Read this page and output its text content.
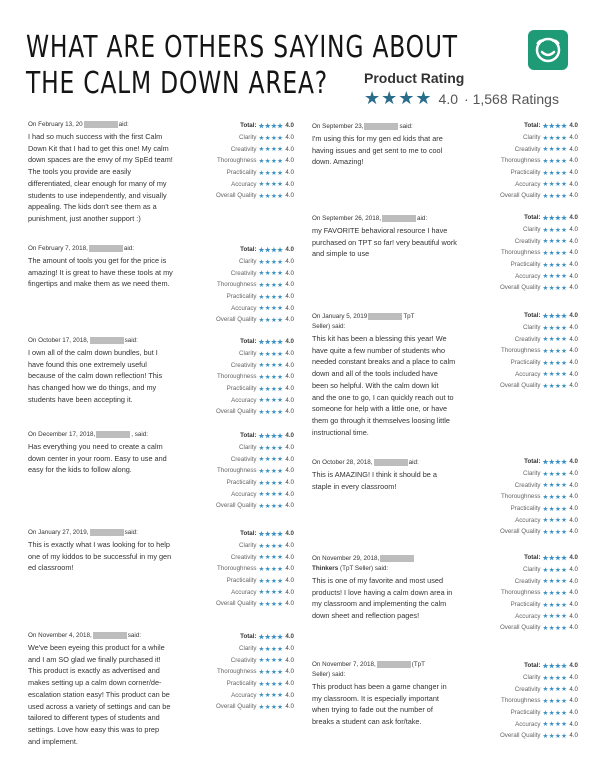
WHAT ARE OTHERS SAYING ABOUT
THE CALM DOWN AREA?	Product Rating
★★★★ 4.0 · 1,568 Ratings
On February 13, 20	aid:
I had so much success with the first Calm
Down Kit that I had to get this one! My calm
down spaces are the envy of my SpEd team!
The tools you provide are easily
differentiated, clear enough for many of my
students to use independently, and visually
appealing. The kids don't see them as a
punishment, just another support :)
Total: ★★★★ 4.0
Clarity ★★★★ 4.0
Creativity ★★★★ 4.0
Thoroughness ★★★★ 4.0
Practicality ★★★★ 4.0
Accuracy ★★★★ 4.0
Overall Quality ★★★★ 4.0
On February 7, 2018,	aid:
The amount of tools you get for the price is
amazing! It is great to have these tools at my
fingertips and make them as we need them.
Total: ★★★★ 4.0
Clarity ★★★★ 4.0
Creativity ★★★★ 4.0
Thoroughness ★★★★ 4.0
Practicality ★★★★ 4.0
Accuracy ★★★★ 4.0
Overall Quality ★★★★ 4.0
On October 17, 2018,	said:
I own all of the calm down bundles, but I
have found this one extremely useful
because of the calm down reflection! This
has changed how we do things, and my
students have been accepting it.
Total: ★★★★ 4.0
Clarity ★★★★ 4.0
Creativity ★★★★ 4.0
Thoroughness ★★★★ 4.0
Practicality ★★★★ 4.0
Accuracy ★★★★ 4.0
Overall Quality ★★★★ 4.0
On December 17, 2018,	, said:
Has everything you need to create a calm
down center in your room. Easy to use and
easy for the kids to follow along.
Total: ★★★★ 4.0
Clarity ★★★★ 4.0
Creativity ★★★★ 4.0
Thoroughness ★★★★ 4.0
Practicality ★★★★ 4.0
Accuracy ★★★★ 4.0
Overall Quality ★★★★ 4.0
On January 27, 2019,	said:
This is exactly what I was looking for to help
one of my kiddos to be successful in my gen
ed classroom!
Total: ★★★★ 4.0
Clarity ★★★★ 4.0
Creativity ★★★★ 4.0
Thoroughness ★★★★ 4.0
Practicality ★★★★ 4.0
Accuracy ★★★★ 4.0
Overall Quality ★★★★ 4.0
On November 4, 2018,	said:
We've been eyeing this product for a while
and I am SO glad we finally purchased it!
This product is exactly as advertised and
makes setting up a calm down corner/de-
escalation station easy! This product can be
used across a variety of settings and can be
tailored to different types of students and
settings. Love how easy this was to prep
and implement.
Total: ★★★★ 4.0
Clarity ★★★★ 4.0
Creativity ★★★★ 4.0
Thoroughness ★★★★ 4.0
Practicality ★★★★ 4.0
Accuracy ★★★★ 4.0
Overall Quality ★★★★ 4.0
On September 23,	said:
I'm using this for my gen ed kids that are
having issues and get sent to me to cool
down. Amazing!
Total: ★★★★ 4.0
Clarity ★★★★ 4.0
Creativity ★★★★ 4.0
Thoroughness ★★★★ 4.0
Practicality ★★★★ 4.0
Accuracy ★★★★ 4.0
Overall Quality ★★★★ 4.0
On September 26, 2018,	aid:
my FAVORITE behavioral resource I have
purchased on TPT so far! very beautiful work
and simple to use
Total: ★★★★ 4.0
Clarity ★★★★ 4.0
Creativity ★★★★ 4.0
Thoroughness ★★★★ 4.0
Practicality ★★★★ 4.0
Accuracy ★★★★ 4.0
Overall Quality ★★★★ 4.0
On January 5, 2019	TpT
Seller) said:
This kit has been a blessing this year! We
have quite a few number of students who
needed constant breaks and a place to calm
down and all of the tools included have
been so helpful. With the calm down kit
and the one to go, I can quickly reach out to
someone for help with a little one, or have
them go through it themselves loosing little
instructional time.
Total: ★★★★ 4.0
Clarity ★★★★ 4.0
Creativity ★★★★ 4.0
Thoroughness ★★★★ 4.0
Practicality ★★★★ 4.0
Accuracy ★★★★ 4.0
Overall Quality ★★★★ 4.0
On October 28, 2018,	aid:
This is AMAZING! I think it should be a
staple in every classroom!
Total: ★★★★ 4.0
Clarity ★★★★ 4.0
Creativity ★★★★ 4.0
Thoroughness ★★★★ 4.0
Practicality ★★★★ 4.0
Accuracy ★★★★ 4.0
Overall Quality ★★★★ 4.0
On November 29, 2018,
Thinkers (TpT Seller) said:
This is one of my favorite and most used
products! I love having a calm down area in
my classroom and implementing the calm
down sheet and reflection pages!
Total: ★★★★ 4.0
Clarity ★★★★ 4.0
Creativity ★★★★ 4.0
Thoroughness ★★★★ 4.0
Practicality ★★★★ 4.0
Accuracy ★★★★ 4.0
Overall Quality ★★★★ 4.0
On November 7, 2018,	(TpT
Seller) said:
This product has been a game changer in
my classroom. It is especially important
when trying to fade out the number of
breaks a student can ask for/take.
Total: ★★★★ 4.0
Clarity ★★★★ 4.0
Creativity ★★★★ 4.0
Thoroughness ★★★★ 4.0
Practicality ★★★★ 4.0
Accuracy ★★★★ 4.0
Overall Quality ★★★★ 4.0
